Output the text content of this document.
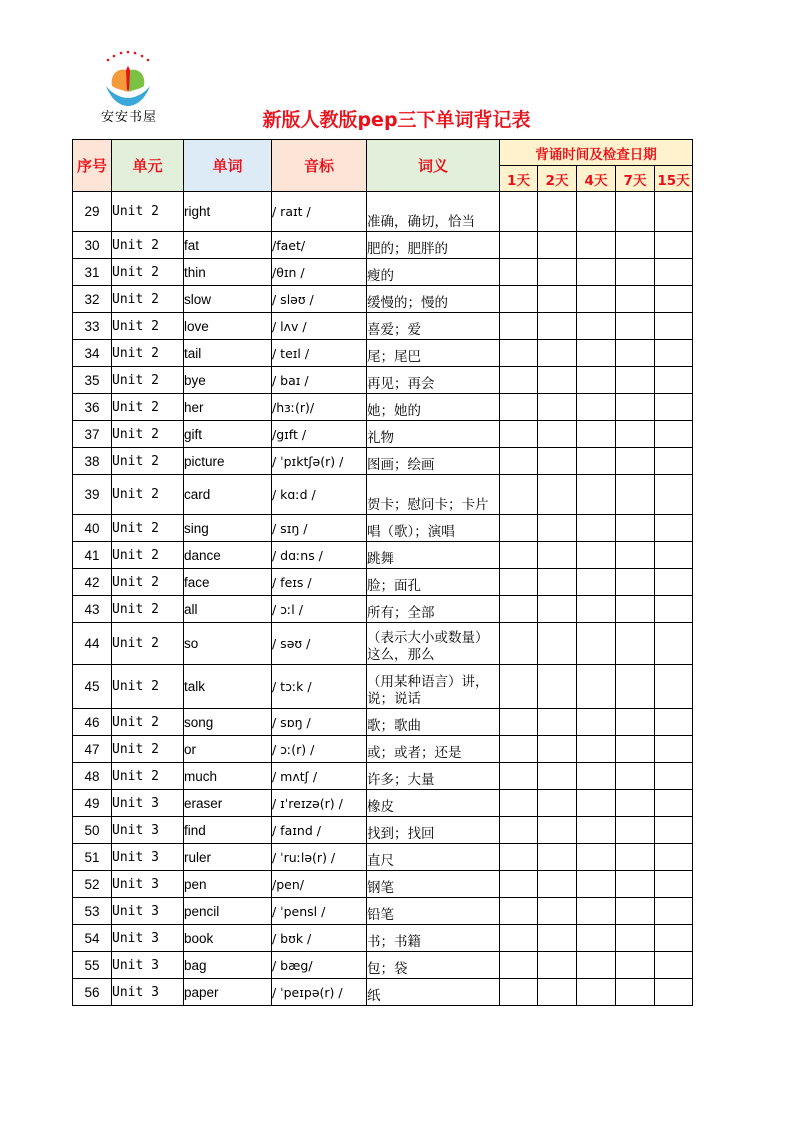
安安书屋	新版人教版pep三下单词背记表
序号	单元	单词	音标	词义	背诵时间及检查日期				
					1天	2天	4天	7天	15天
29	Unit 2	right	/ raɪt /	准确，确切，恰当					
30	Unit 2	fat	/faet/	肥的；肥胖的					
31	Unit 2	thin	/θɪn /	瘦的					
32	Unit 2	slow	/ sləʊ /	缓慢的；慢的					
33	Unit 2	love	/ lʌv /	喜爱；爱					
34	Unit 2	tail	/ teɪl /	尾；尾巴					
35	Unit 2	bye	/ baɪ /	再见；再会					
36	Unit 2	her	/hɜː(r)/	她；她的					
37	Unit 2	gift	/gɪft /	礼物					
38	Unit 2	picture	/ ˈpɪktʃə(r) /	图画；绘画					
39	Unit 2	card	/ kɑːd /	贺卡；慰问卡；卡片					
40	Unit 2	sing	/ sɪŋ /	唱（歌）；演唱					
41	Unit 2	dance	/ dɑːns /	跳舞					
42	Unit 2	face	/ feɪs /	脸；面孔					
43	Unit 2	all	/ ɔːl /	所有；全部					
44	Unit 2	so	/ səʊ /	（表示大小或数量）这么，那么					
45	Unit 2	talk	/ tɔːk /	（用某种语言）讲，说；说话					
46	Unit 2	song	/ sɒŋ /	歌；歌曲					
47	Unit 2	or	/ ɔː(r) /	或；或者；还是					
48	Unit 2	much	/ mʌtʃ /	许多；大量					
49	Unit 3	eraser	/ ɪˈreɪzə(r) /	橡皮					
50	Unit 3	find	/ faɪnd /	找到；找回					
51	Unit 3	ruler	/ ˈruːlə(r) /	直尺					
52	Unit 3	pen	/pen/	钢笔					
53	Unit 3	pencil	/ ˈpensl /	铅笔					
54	Unit 3	book	/ bʊk /	书；书籍					
55	Unit 3	bag	/ bæg/	包；袋					
56	Unit 3	paper	/ ˈpeɪpə(r) /	纸					
